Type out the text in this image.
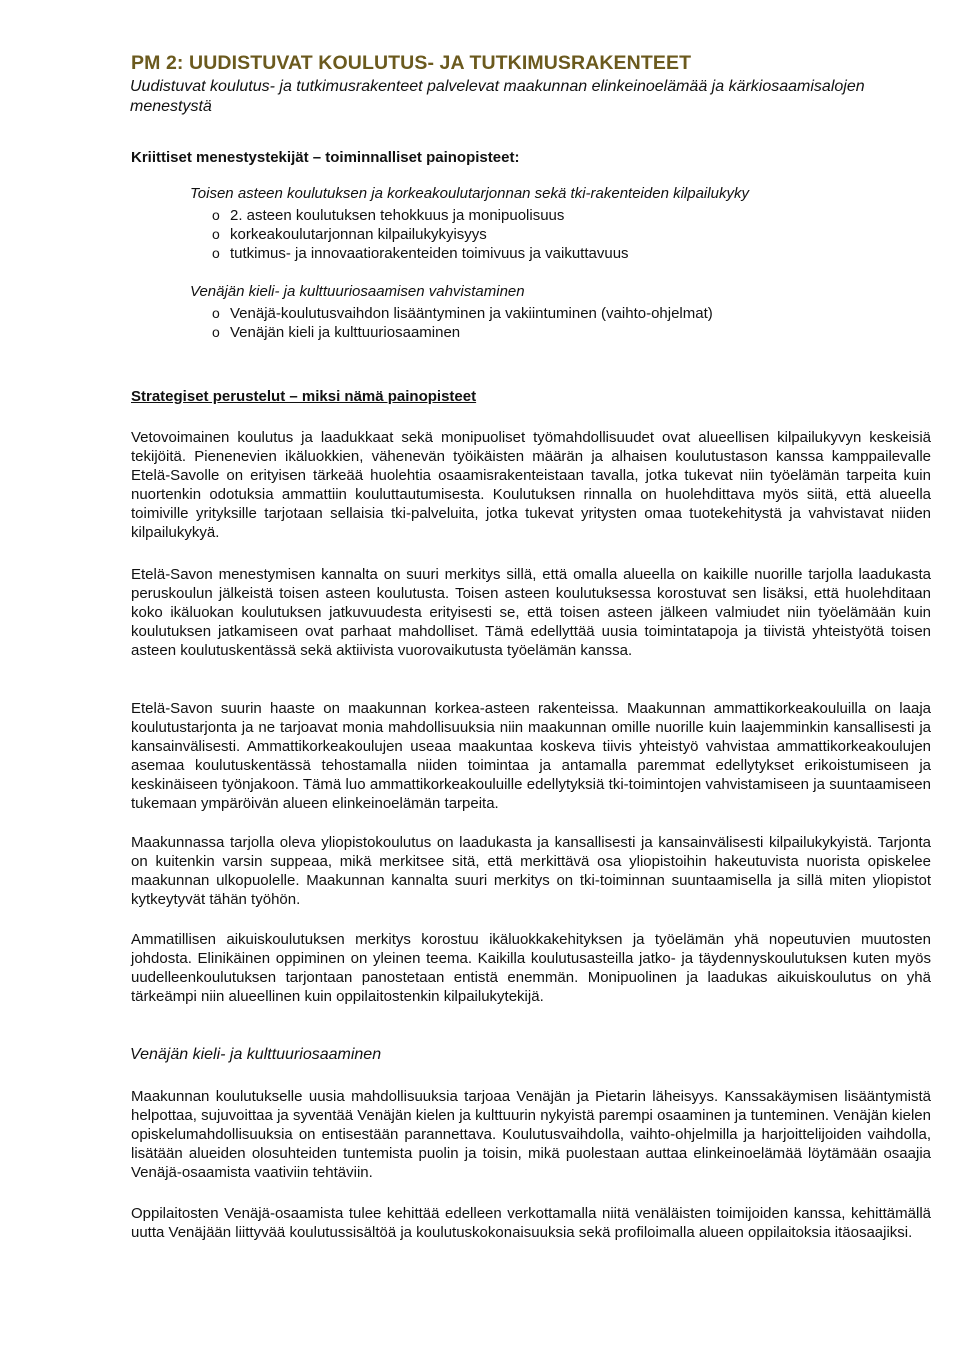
PM 2: UUDISTUVAT KOULUTUS- JA TUTKIMUSRAKENTEET

Uudistuvat koulutus- ja tutkimusrakenteet palvelevat maakunnan elinkeinoelämää ja kärkiosaamisalojen menestystä

Kriittiset menestystekijät – toiminnalliset painopisteet:

Toisen asteen koulutuksen ja korkeakoulutarjonnan sekä tki-rakenteiden kilpailukyky

o 2. asteen koulutuksen tehokkuus ja monipuolisuus
o korkeakoulutarjonnan kilpailukykyisyys
o tutkimus- ja innovaatiorakenteiden toimivuus ja vaikuttavuus

Venäjän kieli- ja kulttuuriosaamisen vahvistaminen

o Venäjä-koulutusvaihdon lisääntyminen ja vakiintuminen (vaihto-ohjelmat)
o Venäjän kieli ja kulttuuriosaaminen

Strategiset perustelut – miksi nämä painopisteet

Vetovoimainen koulutus ja laadukkaat sekä monipuoliset työmahdollisuudet ovat alueellisen kilpailukyvyn keskeisiä tekijöitä. Pienenevien ikäluokkien, vähenevän työikäisten määrän ja alhaisen koulutustason kanssa kamppailevalle Etelä-Savolle on erityisen tärkeää huolehtia osaamisrakenteistaan tavalla, jotka tukevat niin työelämän tarpeita kuin nuortenkin odotuksia ammattiin kouluttautumisesta. Koulutuksen rinnalla on huolehdittava myös siitä, että alueella toimiville yrityksille tarjotaan sellaisia tki-palveluita, jotka tukevat yritysten omaa tuotekehitystä ja vahvistavat niiden kilpailukykyä.

Etelä-Savon menestymisen kannalta on suuri merkitys sillä, että omalla alueella on kaikille nuorille tarjolla laadukasta peruskoulun jälkeistä toisen asteen koulutusta. Toisen asteen koulutuksessa korostuvat sen lisäksi, että huolehditaan koko ikäluokan koulutuksen jatkuvuudesta erityisesti se, että toisen asteen jälkeen valmiudet niin työelämään kuin koulutuksen jatkamiseen ovat parhaat mahdolliset. Tämä edellyttää uusia toimintatapoja ja tiivistä yhteistyötä toisen asteen koulutuskentässä sekä aktiivista vuorovaikutusta työelämän kanssa.

Etelä-Savon suurin haaste on maakunnan korkea-asteen rakenteissa. Maakunnan ammattikorkeakouluilla on laaja koulutustarjonta ja ne tarjoavat monia mahdollisuuksia niin maakunnan omille nuorille kuin laajemminkin kansallisesti ja kansainvälisesti. Ammattikorkeakoulujen useaa maakuntaa koskeva tiivis yhteistyö vahvistaa ammattikorkeakoulujen asemaa koulutuskentässä tehostamalla niiden toimintaa ja antamalla paremmat edellytykset erikoistumiseen ja keskinäiseen työnjakoon. Tämä luo ammattikorkeakouluille edellytyksiä tki-toimintojen vahvistamiseen ja suuntaamiseen tukemaan ympäröivän alueen elinkeinoelämän tarpeita.

Maakunnassa tarjolla oleva yliopistokoulutus on laadukasta ja kansallisesti ja kansainvälisesti kilpailukykyistä. Tarjonta on kuitenkin varsin suppeaa, mikä merkitsee sitä, että merkittävä osa yliopistoihin hakeutuvista nuorista opiskelee maakunnan ulkopuolelle. Maakunnan kannalta suuri merkitys on tki-toiminnan suuntaamisella ja sillä miten yliopistot kytkeytyvät tähän työhön.

Ammatillisen aikuiskoulutuksen merkitys korostuu ikäluokkakehityksen ja työelämän yhä nopeutuvien muutosten johdosta. Elinikäinen oppiminen on yleinen teema. Kaikilla koulutusasteilla jatko- ja täydennyskoulutuksen kuten myös uudelleenkoulutuksen tarjontaan panostetaan entistä enemmän. Monipuolinen ja laadukas aikuiskoulutus on yhä tärkeämpi niin alueellinen kuin oppilaitostenkin kilpailukytekijä.

Venäjän kieli- ja kulttuuriosaaminen

Maakunnan koulutukselle uusia mahdollisuuksia tarjoaa Venäjän ja Pietarin läheisyys. Kanssakäymisen lisääntymistä helpottaa, sujuvoittaa ja syventää Venäjän kielen ja kulttuurin nykyistä parempi osaaminen ja tunteminen. Venäjän kielen opiskelumahdollisuuksia on entisestään parannettava. Koulutusvaihdolla, vaihto-ohjelmilla ja harjoittelijoiden vaihdolla, lisätään alueiden olosuhteiden tuntemista puolin ja toisin, mikä puolestaan auttaa elinkeinoelämää löytämään osaajia Venäjä-osaamista vaativiin tehtäviin.

Oppilaitosten Venäjä-osaamista tulee kehittää edelleen verkottamalla niitä venäläisten toimijoiden kanssa, kehittämällä uutta Venäjään liittyvää koulutussisältöä ja koulutuskokonaisuuksia sekä profiloimalla alueen oppilaitoksia itäosaajiksi.
